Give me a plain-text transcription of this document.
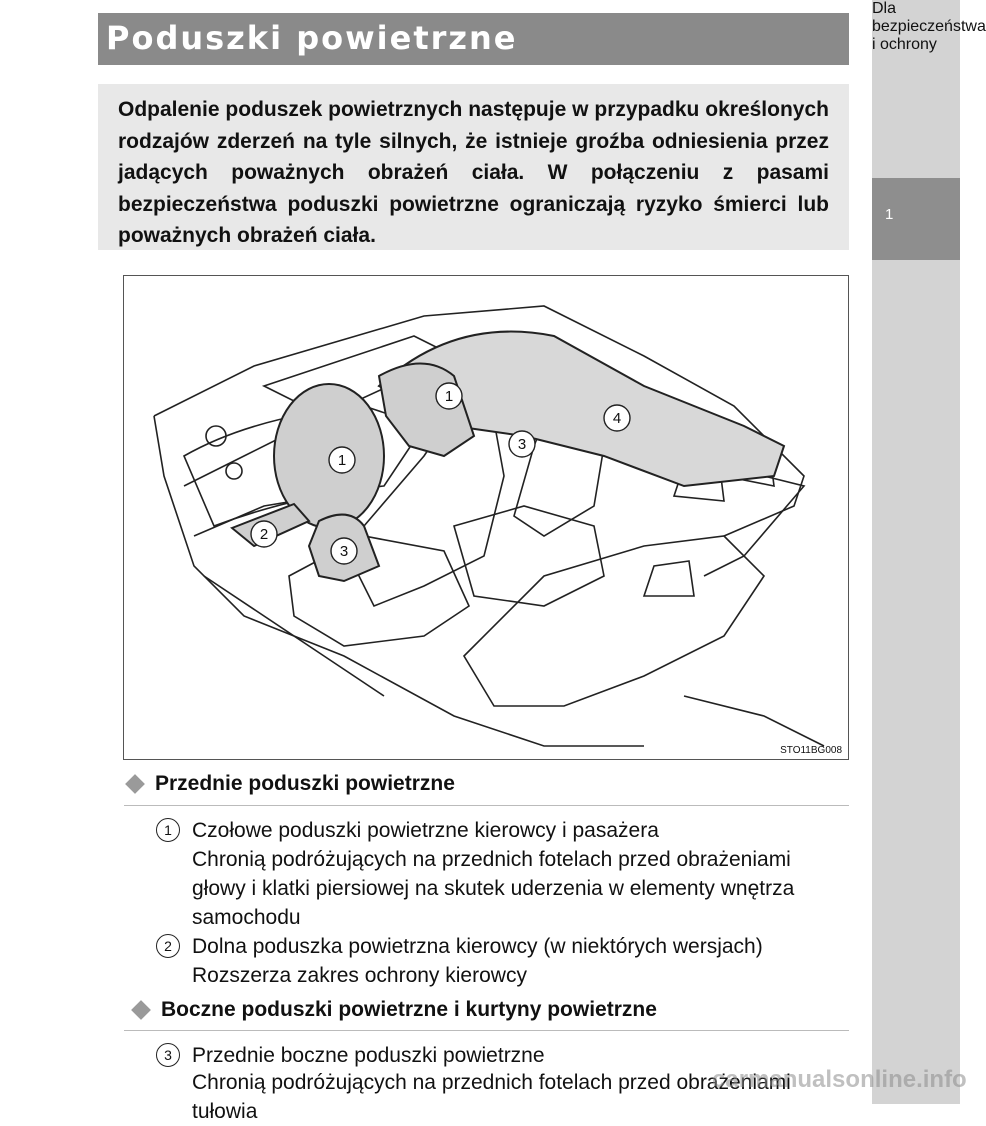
Poduszki powietrzne
Odpalenie poduszek powietrznych następuje w przypadku określonych rodzajów zderzeń na tyle silnych, że istnieje groźba odniesienia przez jadących poważnych obrażeń ciała. W połączeniu z pasami bezpieczeństwa poduszki powietrzne ograniczają ryzyko śmierci lub poważnych obrażeń ciała.
1
Dla bezpieczeństwa i ochrony
1
1
2
3
3
4
STO11BG008
Przednie poduszki powietrzne
1 Czołowe poduszki powietrzne kierowcy i pasażera
Chronią podróżujących na przednich fotelach przed obrażeniami
głowy i klatki piersiowej na skutek uderzenia w elementy wnętrza
samochodu
2 Dolna poduszka powietrzna kierowcy (w niektórych wersjach)
Rozszerza zakres ochrony kierowcy
Boczne poduszki powietrzne i kurtyny powietrzne
3 Przednie boczne poduszki powietrzne
Chronią podróżujących na przednich fotelach przed obrażeniami
tułowia
carmanualsonline.info
